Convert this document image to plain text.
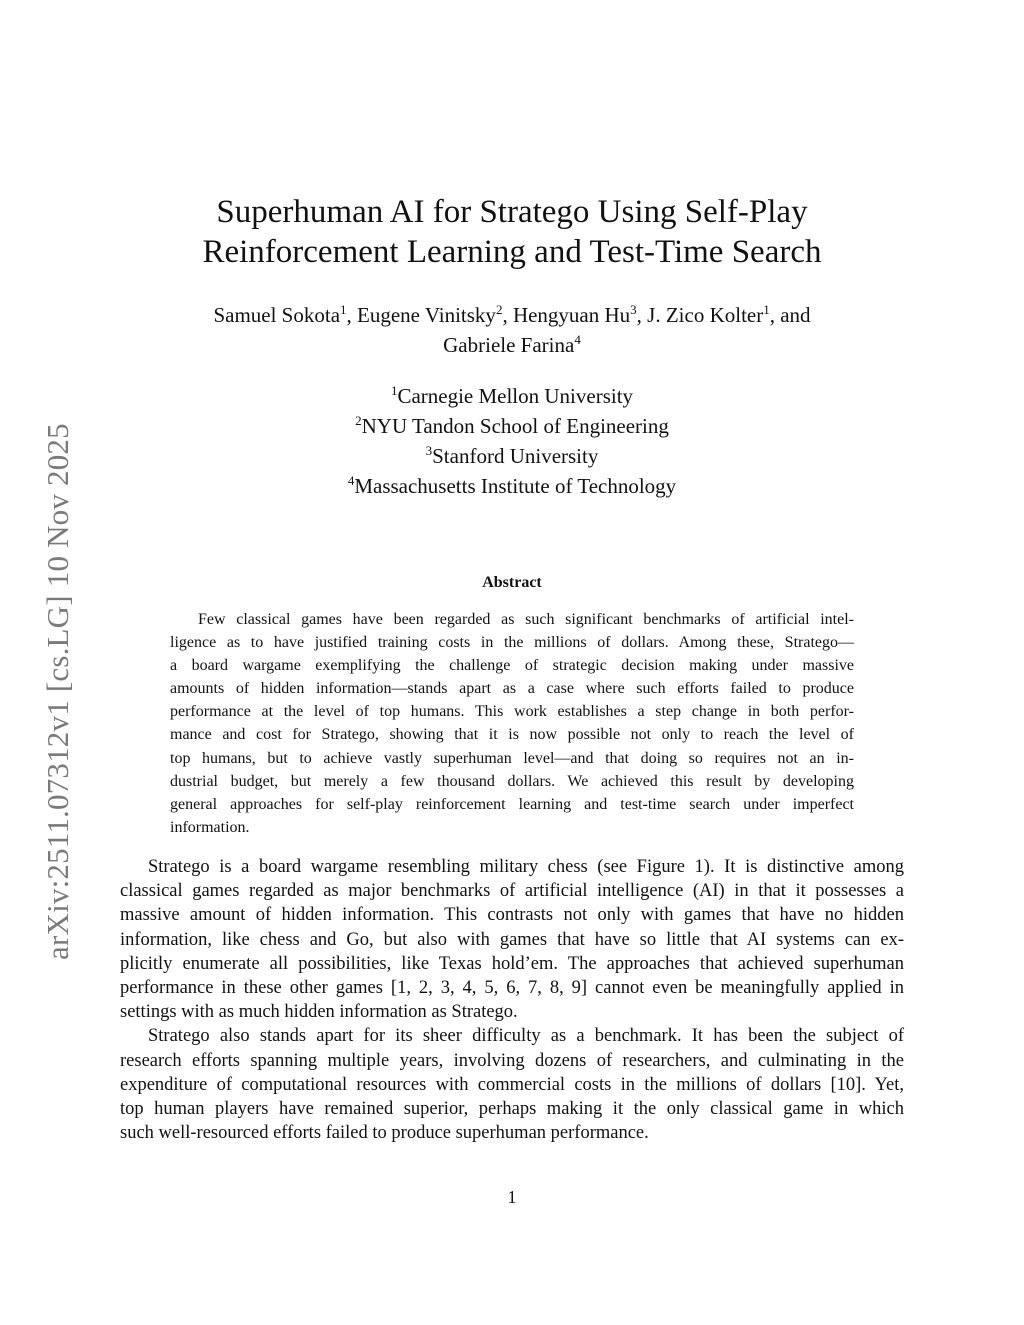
arXiv:2511.07312v1 [cs.LG] 10 Nov 2025
Superhuman AI for Stratego Using Self-Play
Reinforcement Learning and Test-Time Search
Samuel Sokota$^1$, Eugene Vinitsky$^2$, Hengyuan Hu$^3$, J. Zico Kolter$^1$, and
Gabriele Farina$^4$
$^1$Carnegie Mellon University
$^2$NYU Tandon School of Engineering
$^3$Stanford University
$^4$Massachusetts Institute of Technology
Abstract
Few classical games have been regarded as such significant benchmarks of artificial intel-
ligence as to have justified training costs in the millions of dollars. Among these, Stratego—
a board wargame exemplifying the challenge of strategic decision making under massive
amounts of hidden information—stands apart as a case where such efforts failed to produce
performance at the level of top humans. This work establishes a step change in both perfor-
mance and cost for Stratego, showing that it is now possible not only to reach the level of
top humans, but to achieve vastly superhuman level—and that doing so requires not an in-
dustrial budget, but merely a few thousand dollars. We achieved this result by developing
general approaches for self-play reinforcement learning and test-time search under imperfect
information.
Stratego is a board wargame resembling military chess (see Figure 1). It is distinctive among
classical games regarded as major benchmarks of artificial intelligence (AI) in that it possesses a
massive amount of hidden information. This contrasts not only with games that have no hidden
information, like chess and Go, but also with games that have so little that AI systems can ex-
plicitly enumerate all possibilities, like Texas hold’em. The approaches that achieved superhuman
performance in these other games [1, 2, 3, 4, 5, 6, 7, 8, 9] cannot even be meaningfully applied in
settings with as much hidden information as Stratego.
Stratego also stands apart for its sheer difficulty as a benchmark. It has been the subject of
research efforts spanning multiple years, involving dozens of researchers, and culminating in the
expenditure of computational resources with commercial costs in the millions of dollars [10]. Yet,
top human players have remained superior, perhaps making it the only classical game in which
such well-resourced efforts failed to produce superhuman performance.
1
